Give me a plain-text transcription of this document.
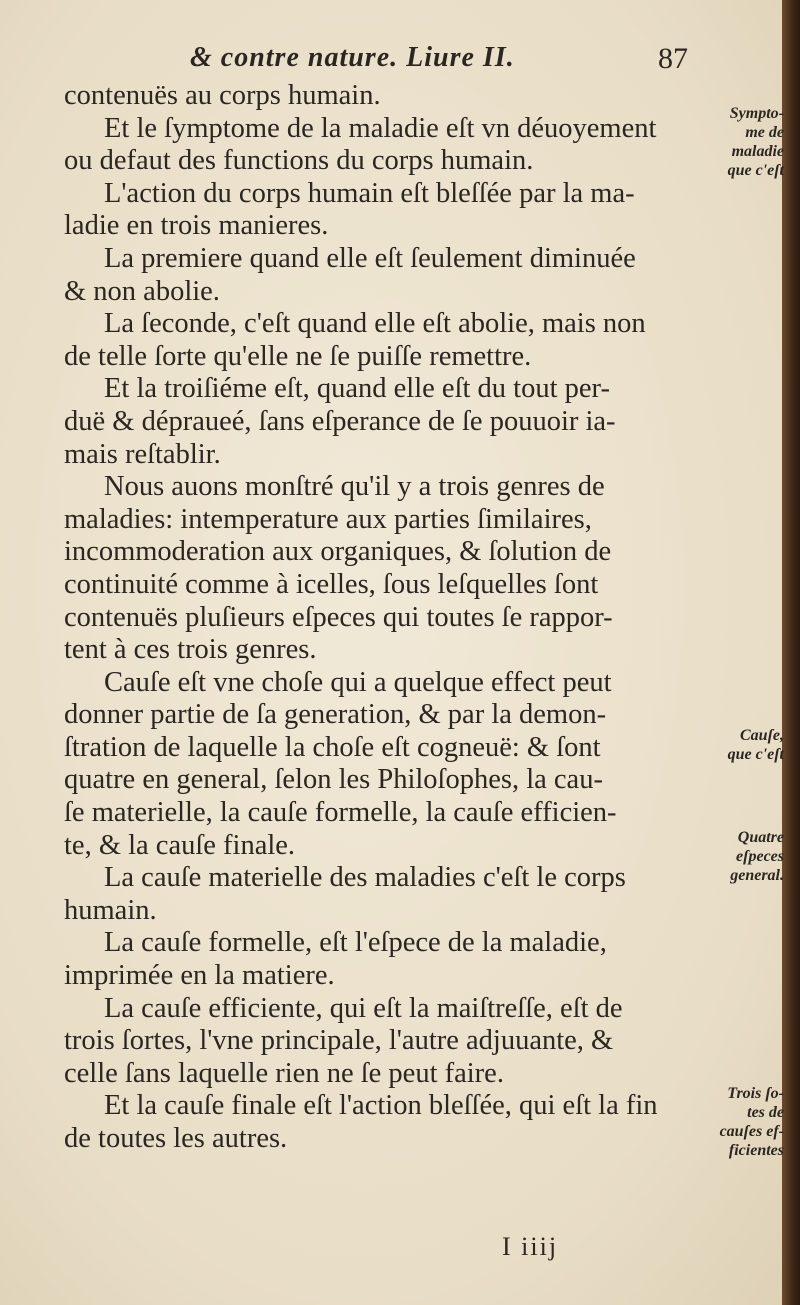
& contre nature. Liure II.	87
contenuës au corps humain.
Et le ſymptome de la maladie eſt vn déuoyement
ou defaut des functions du corps humain.
L'action du corps humain eſt bleſſée par la ma-
ladie en trois manieres.
La premiere quand elle eſt ſeulement diminuée
& non abolie.
La ſeconde, c'eſt quand elle eſt abolie, mais non
de telle ſorte qu'elle ne ſe puiſſe remettre.
Et la troiſiéme eſt, quand elle eſt du tout per-
duë & dépraueé, ſans eſperance de ſe pouuoir ia-
mais reſtablir.
Nous auons monſtré qu'il y a trois genres de
maladies: intemperature aux parties ſimilaires,
incommoderation aux organiques, & ſolution de
continuité comme à icelles, ſous leſquelles ſont
contenuës pluſieurs eſpeces qui toutes ſe rappor-
tent à ces trois genres.
Cauſe eſt vne choſe qui a quelque effect peut
donner partie de ſa generation, & par la demon-
ſtration de laquelle la choſe eſt cogneuë: & ſont
quatre en general, ſelon les Philoſophes, la cau-
ſe materielle, la cauſe formelle, la cauſe efficien-
te, & la cauſe finale.
La cauſe materielle des maladies c'eſt le corps
humain.
La cauſe formelle, eſt l'eſpece de la maladie,
imprimée en la matiere.
La cauſe efficiente, qui eſt la maiſtreſſe, eſt de
trois ſortes, l'vne principale, l'autre adjuuante, &
celle ſans laquelle rien ne ſe peut faire.
Et la cauſe finale eſt l'action bleſſée, qui eſt la fin
de toutes les autres.
Sympto-
me de
maladie
que c'eſt
Cauſe,
que c'eſt
Quatre
eſpeces
general.
Trois ſo-
tes de
cauſes ef-
ficientes
I iiij
